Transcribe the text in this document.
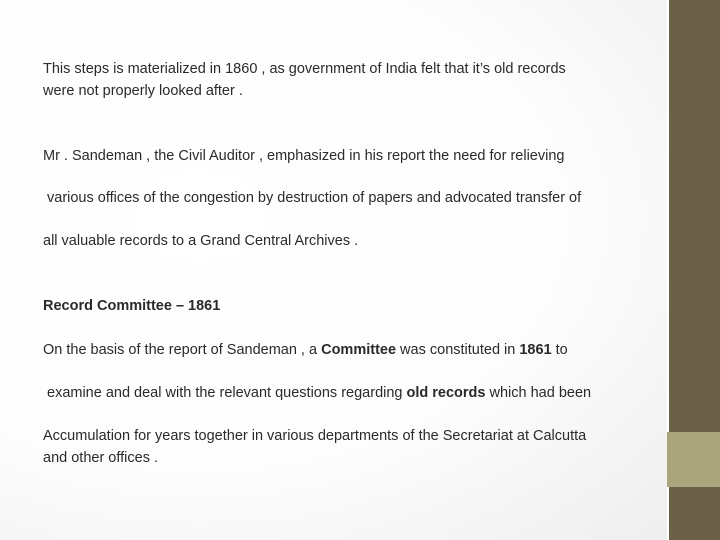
This steps is materialized in 1860 , as government of India felt that it’s old records

were not properly looked after .

Mr . Sandeman , the Civil Auditor , emphasized in his report the need for relieving

various offices of the congestion by destruction of papers and advocated transfer of

all valuable records to a Grand Central Archives .

Record Committee – 1861

On the basis of the report of Sandeman , a Committee was constituted in 1861 to

examine and deal with the relevant questions regarding old records which had been

Accumulation for years together in various departments of the Secretariat at Calcutta

and other offices .
